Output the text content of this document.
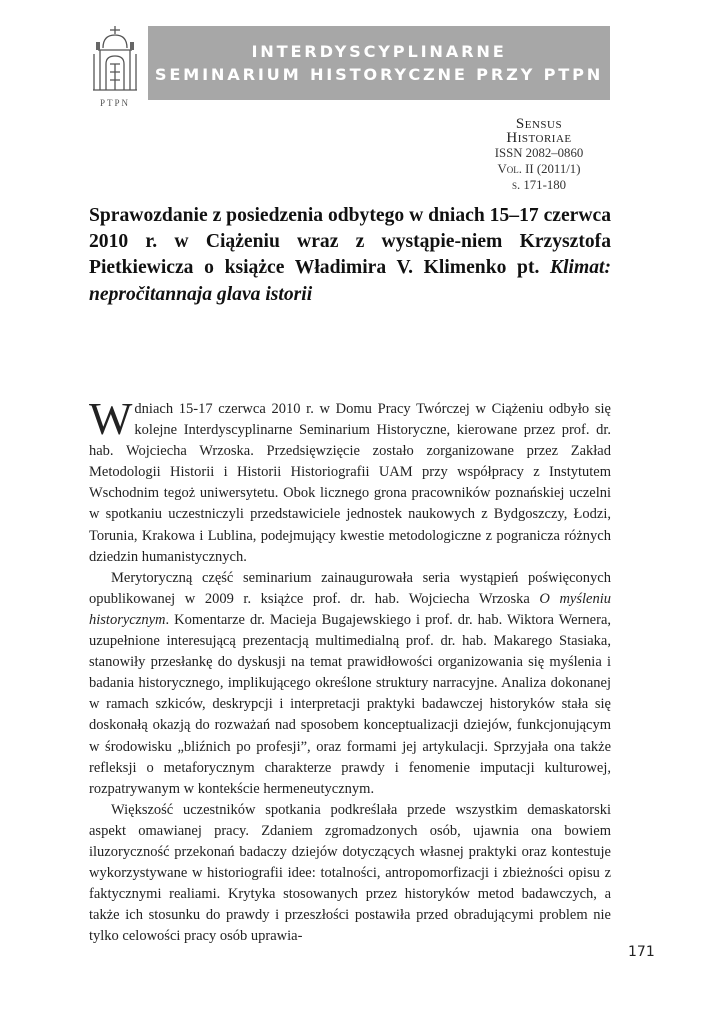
PTPN
INTERDYSCYPLINARNE
SEMINARIUM HISTORYCZNE PRZY PTPN
Sensus
Historiae
ISSN 2082–0860
Vol. II (2011/1)
s. 171-180
Sprawozdanie z posiedzenia odbytego w dniach 15–17 czerwca 2010 r. w Ciążeniu wraz z wystąpie-niem Krzysztofa Pietkiewicza o książce Władimira V. Klimenko pt. Klimat: nepročitannaja glava istorii

Wdniach 15-17 czerwca 2010 r. w Domu Pracy Twórczej w Ciążeniu odbyło się kolejne Interdyscyplinarne Seminarium Historyczne, kierowane przez prof. dr. hab. Wojciecha Wrzoska. Przedsięwzięcie zostało zorganizowane przez Zakład Metodologii Historii i Historii Historiografii UAM przy współpracy z Instytutem Wschodnim tegoż uniwersytetu. Obok licznego grona pracowników poznańskiej uczelni w spotkaniu uczestniczyli przedstawiciele jednostek naukowych z Bydgoszczy, Łodzi, Torunia, Krakowa i Lublina, podejmujący kwestie metodologiczne z pogranicza różnych dziedzin humanistycznych.

Merytoryczną część seminarium zainaugurowała seria wystąpień poświęconych opublikowanej w 2009 r. książce prof. dr. hab. Wojciecha Wrzoska O myśleniu historycznym. Komentarze dr. Macieja Bugajewskiego i prof. dr. hab. Wiktora Wernera, uzupełnione interesującą prezentacją multimedialną prof. dr. hab. Makarego Stasiaka, stanowiły przesłankę do dyskusji na temat prawidłowości organizowania się myślenia i badania historycznego, implikującego określone struktury narracyjne. Analiza dokonanej w ramach szkiców, deskrypcji i interpretacji praktyki badawczej historyków stała się doskonałą okazją do rozważań nad sposobem konceptualizacji dziejów, funkcjonującym w środowisku „bliźnich po profesji”, oraz formami jej artykulacji. Sprzyjała ona także refleksji o metaforycznym charakterze prawdy i fenomenie imputacji kulturowej, rozpatrywanym w kontekście hermeneutycznym.

Większość uczestników spotkania podkreślała przede wszystkim demaskatorski aspekt omawianej pracy. Zdaniem zgromadzonych osób, ujawnia ona bowiem iluzoryczność przekonań badaczy dziejów dotyczących własnej praktyki oraz kontestuje wykorzystywane w historiografii idee: totalności, antropomorfizacji i zbieżności opisu z faktycznymi realiami. Krytyka stosowanych przez historyków metod badawczych, a także ich stosunku do prawdy i przeszłości postawiła przed obradującymi problem nie tylko celowości pracy osób uprawia-

171
